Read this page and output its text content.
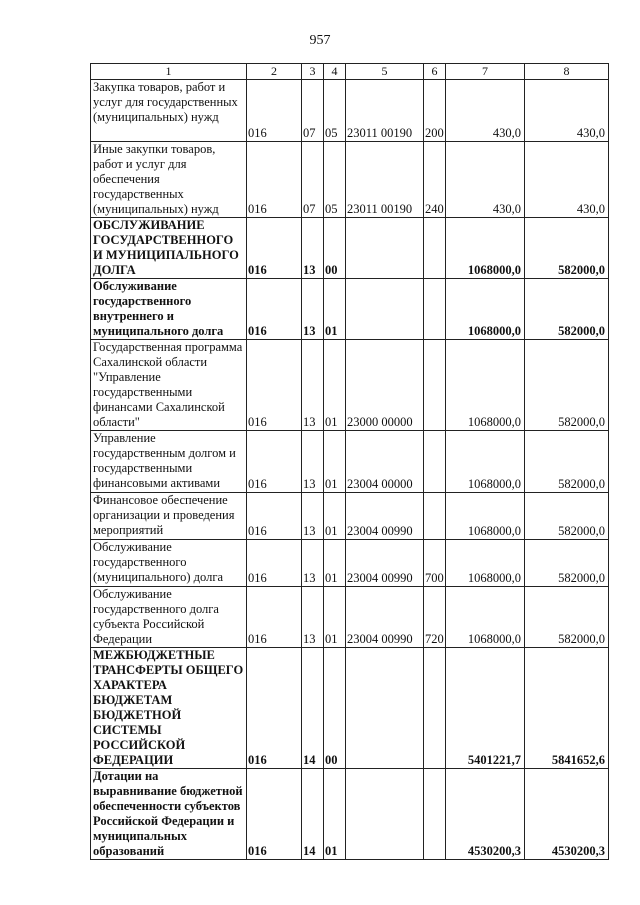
957
1	2	3	4	5	6	7	8
Закупка товаров, работ и услуг для государственных (муниципальных) нужд	016	07	05	23011 00190	200	430,0	430,0
Иные закупки товаров, работ и услуг для обеспечения государственных (муниципальных) нужд	016	07	05	23011 00190	240	430,0	430,0
ОБСЛУЖИВАНИЕ ГОСУДАРСТВЕННОГО И МУНИЦИПАЛЬНОГО ДОЛГА	016	13	00			1068000,0	582000,0
Обслуживание государственного внутреннего и муниципального долга	016	13	01			1068000,0	582000,0
Государственная программа Сахалинской области "Управление государственными финансами Сахалинской области"	016	13	01	23000 00000		1068000,0	582000,0
Управление государственным долгом и государственными финансовыми активами	016	13	01	23004 00000		1068000,0	582000,0
Финансовое обеспечение организации и проведения мероприятий	016	13	01	23004 00990		1068000,0	582000,0
Обслуживание государственного (муниципального) долга	016	13	01	23004 00990	700	1068000,0	582000,0
Обслуживание государственного долга субъекта Российской Федерации	016	13	01	23004 00990	720	1068000,0	582000,0
МЕЖБЮДЖЕТНЫЕ ТРАНСФЕРТЫ ОБЩЕГО ХАРАКТЕРА БЮДЖЕТАМ БЮДЖЕТНОЙ СИСТЕМЫ РОССИЙСКОЙ ФЕДЕРАЦИИ	016	14	00			5401221,7	5841652,6
Дотации на выравнивание бюджетной обеспеченности субъектов Российской Федерации и муниципальных образований	016	14	01			4530200,3	4530200,3
